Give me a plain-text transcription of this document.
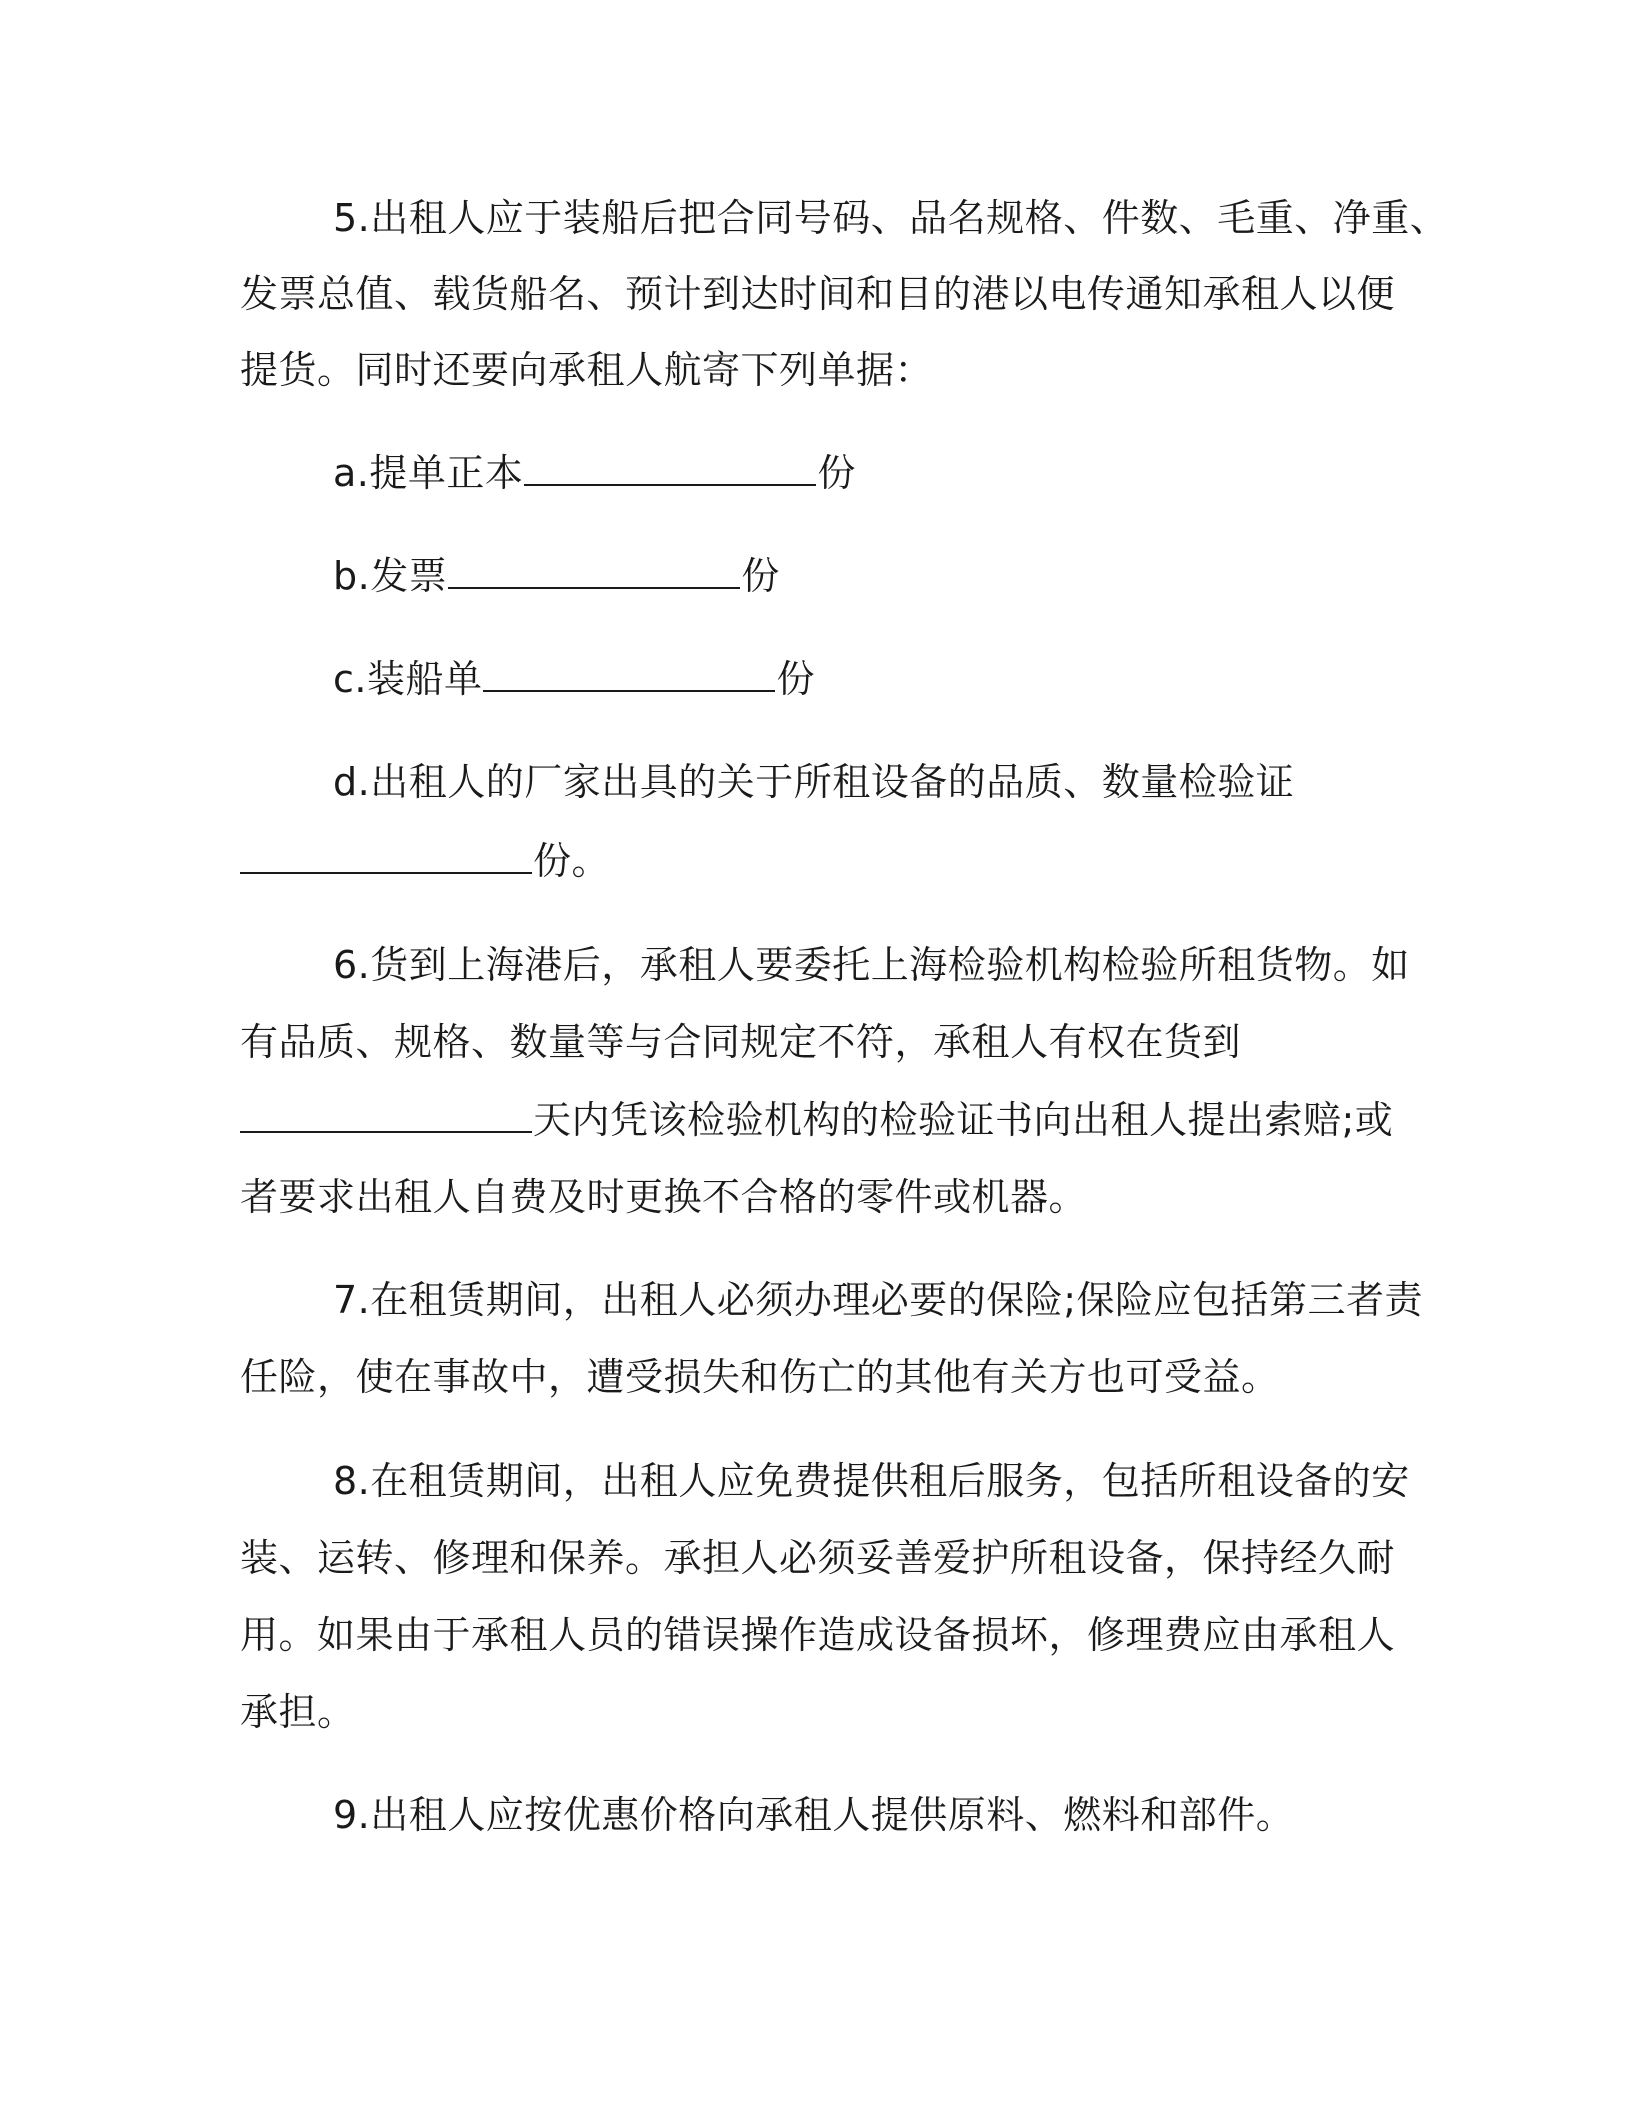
5.出租人应于装船后把合同号码、品名规格、件数、毛重、净重、
发票总值、载货船名、预计到达时间和目的港以电传通知承租人以便
提货。同时还要向承租人航寄下列单据：
a.提单正本	份
b.发票	份
c.装船单	份
d.出租人的厂家出具的关于所租设备的品质、数量检验证
份。
6.货到上海港后，承租人要委托上海检验机构检验所租货物。如
有品质、规格、数量等与合同规定不符，承租人有权在货到
天内凭该检验机构的检验证书向出租人提出索赔;或
者要求出租人自费及时更换不合格的零件或机器。
7.在租赁期间，出租人必须办理必要的保险;保险应包括第三者责
任险，使在事故中，遭受损失和伤亡的其他有关方也可受益。
8.在租赁期间，出租人应免费提供租后服务，包括所租设备的安
装、运转、修理和保养。承担人必须妥善爱护所租设备，保持经久耐
用。如果由于承租人员的错误操作造成设备损坏，修理费应由承租人
承担。
9.出租人应按优惠价格向承租人提供原料、燃料和部件。
